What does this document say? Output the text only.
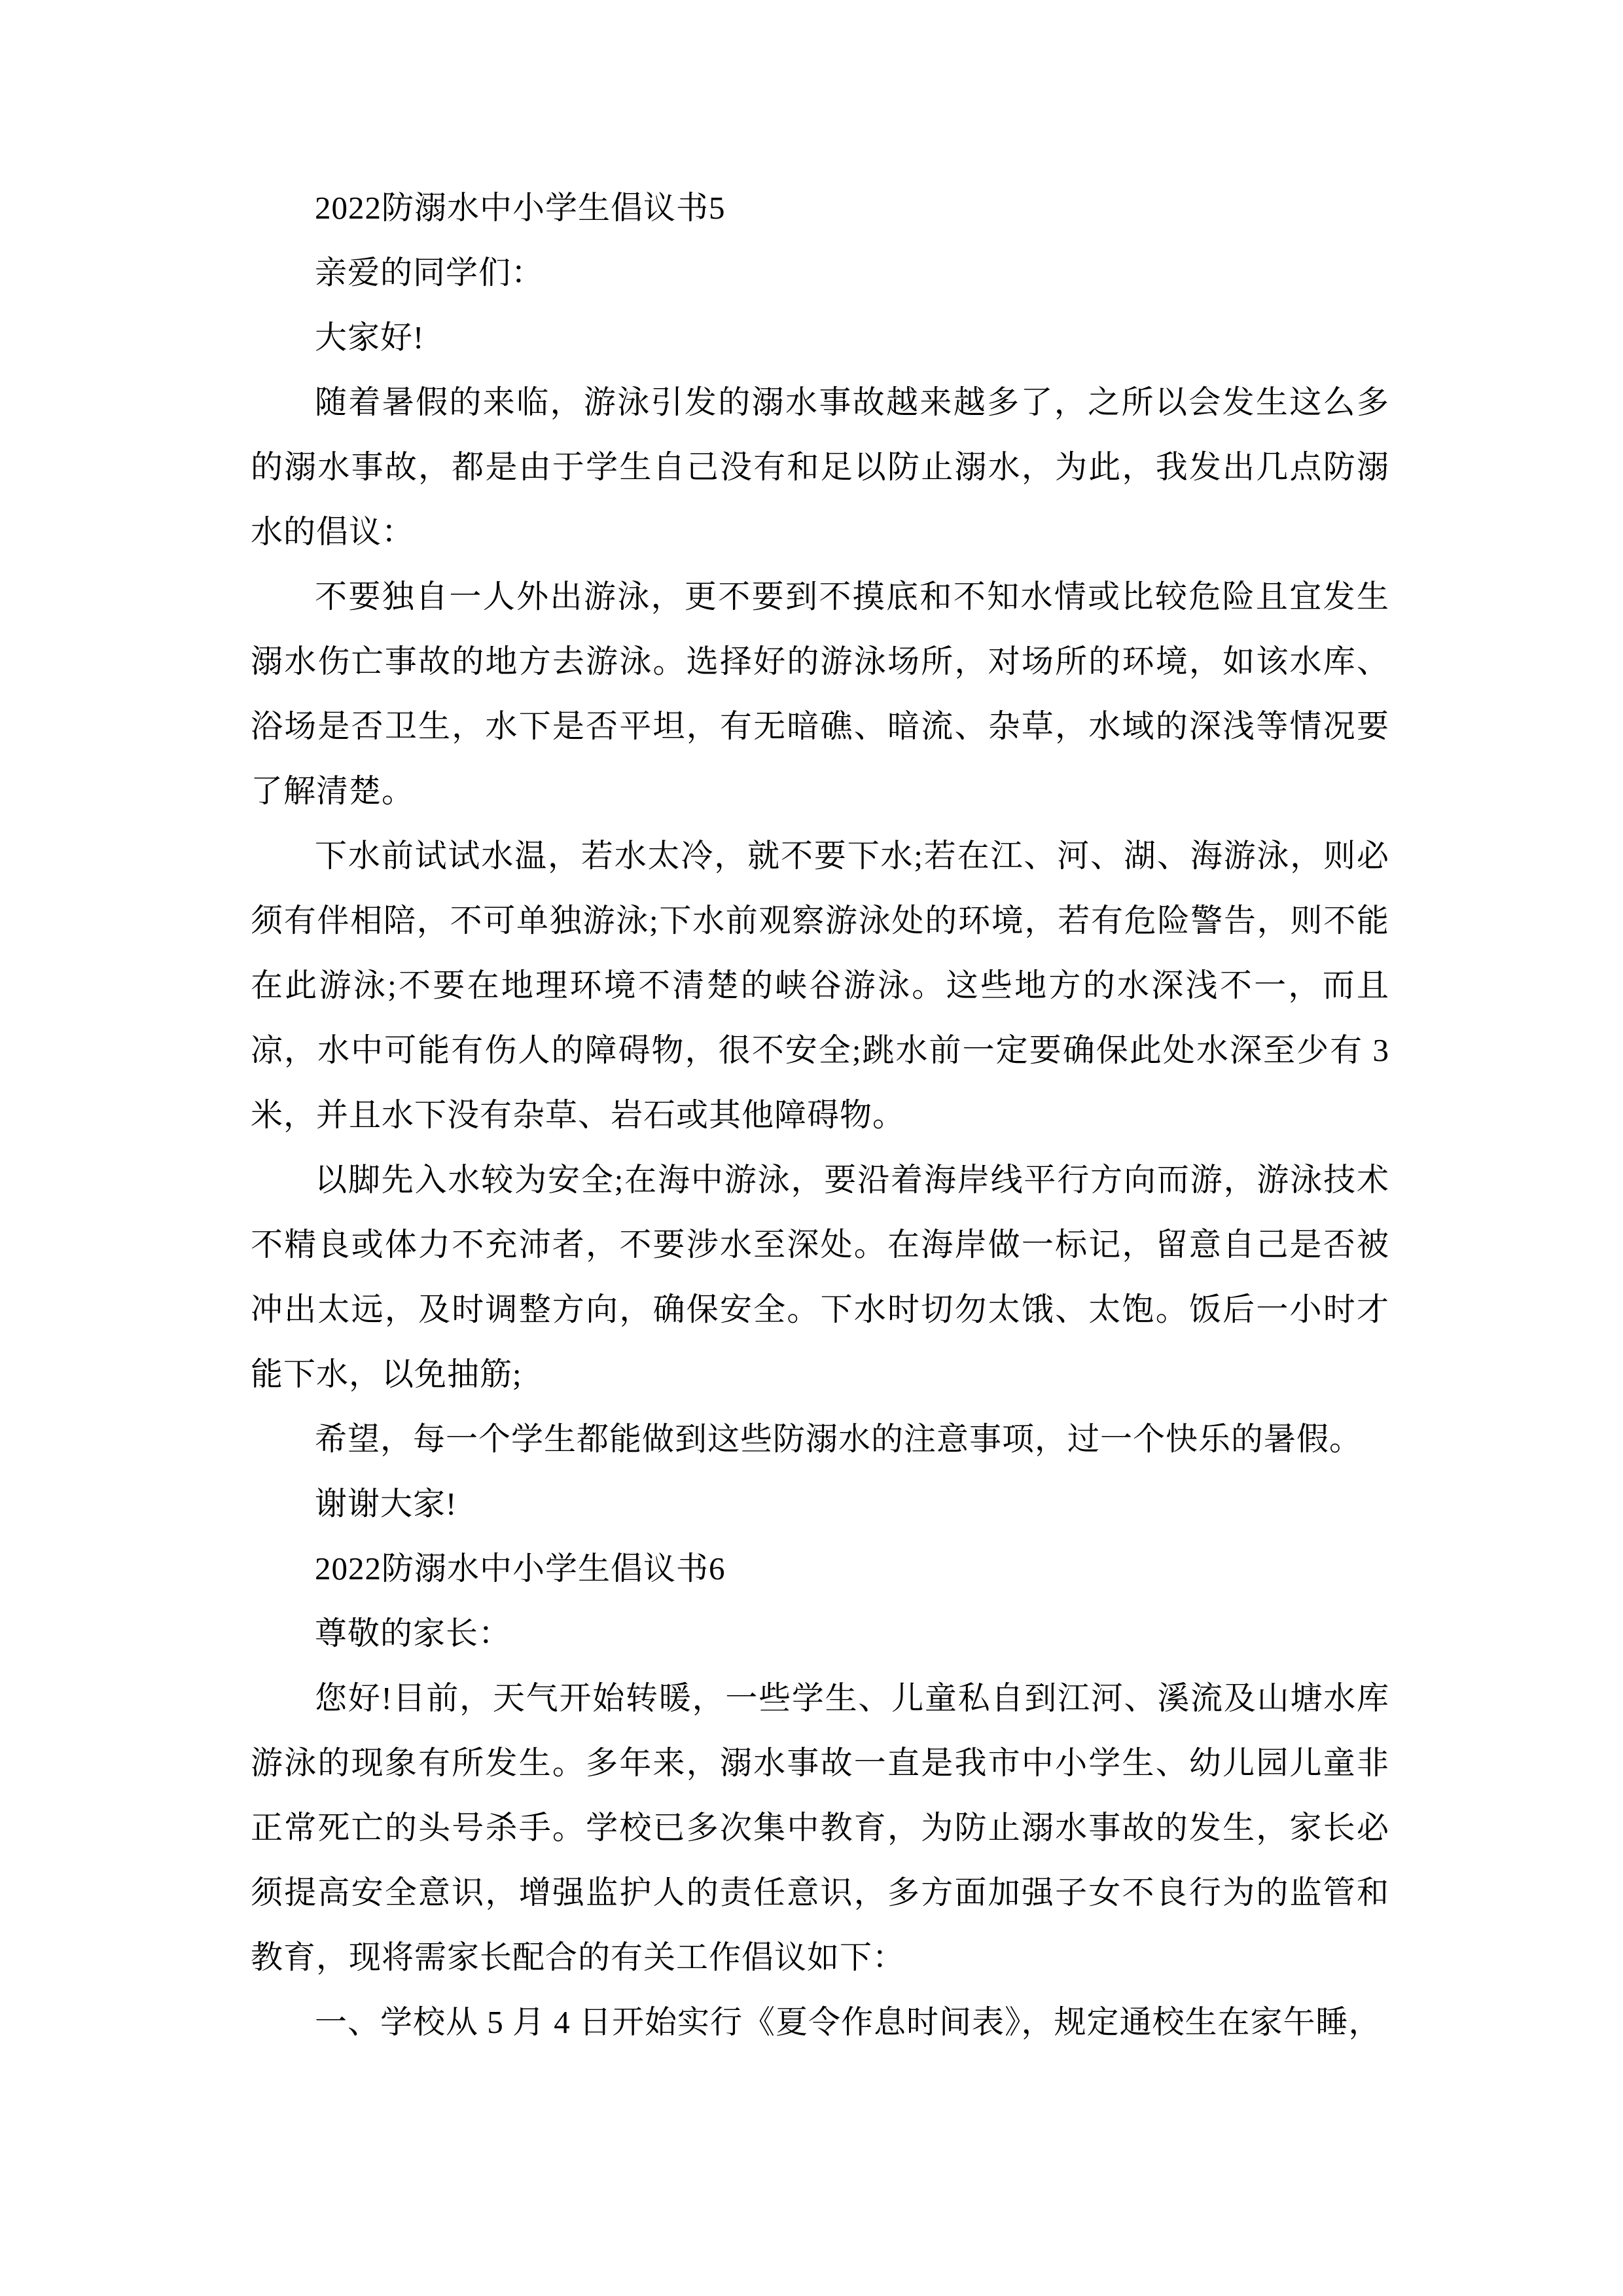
2022防溺水中小学生倡议书5

亲爱的同学们：

大家好!

随着暑假的来临，游泳引发的溺水事故越来越多了，之所以会发生这么多的溺水事故，都是由于学生自己没有和足以防止溺水，为此，我发出几点防溺水的倡议：

不要独自一人外出游泳，更不要到不摸底和不知水情或比较危险且宜发生溺水伤亡事故的地方去游泳。选择好的游泳场所，对场所的环境，如该水库、浴场是否卫生，水下是否平坦，有无暗礁、暗流、杂草，水域的深浅等情况要了解清楚。

下水前试试水温，若水太冷，就不要下水;若在江、河、湖、海游泳，则必须有伴相陪，不可单独游泳;下水前观察游泳处的环境，若有危险警告，则不能在此游泳;不要在地理环境不清楚的峡谷游泳。这些地方的水深浅不一，而且凉，水中可能有伤人的障碍物，很不安全;跳水前一定要确保此处水深至少有 3 米，并且水下没有杂草、岩石或其他障碍物。

以脚先入水较为安全;在海中游泳，要沿着海岸线平行方向而游，游泳技术不精良或体力不充沛者，不要涉水至深处。在海岸做一标记，留意自己是否被冲出太远，及时调整方向，确保安全。下水时切勿太饿、太饱。饭后一小时才能下水，以免抽筋;

希望，每一个学生都能做到这些防溺水的注意事项，过一个快乐的暑假。

谢谢大家!

2022防溺水中小学生倡议书6

尊敬的家长：

您好!目前，天气开始转暖，一些学生、儿童私自到江河、溪流及山塘水库游泳的现象有所发生。多年来，溺水事故一直是我市中小学生、幼儿园儿童非正常死亡的头号杀手。学校已多次集中教育，为防止溺水事故的发生，家长必须提高安全意识，增强监护人的责任意识，多方面加强子女不良行为的监管和教育，现将需家长配合的有关工作倡议如下：

一、学校从 5 月 4 日开始实行《夏令作息时间表》，规定通校生在家午睡，
